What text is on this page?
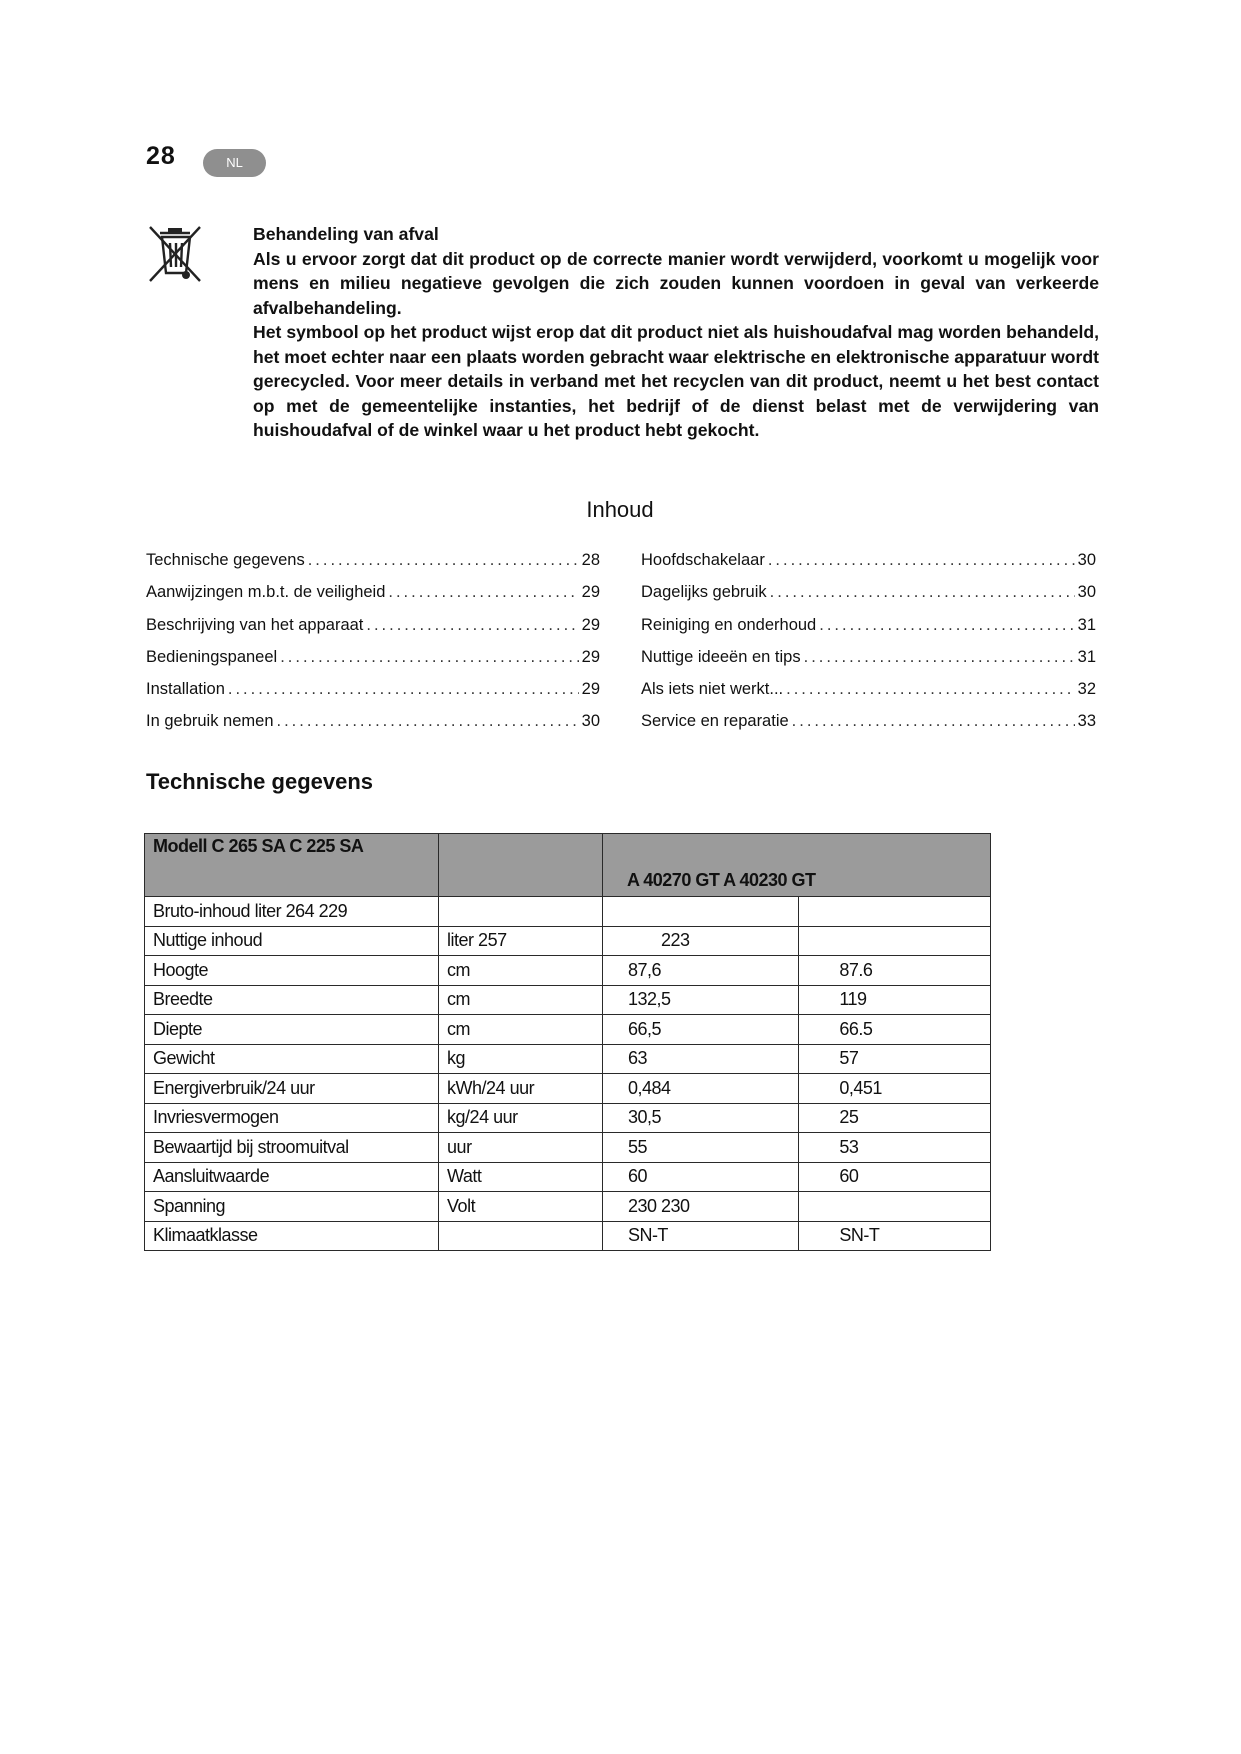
28	NL
Behandeling van afval

Als u ervoor zorgt dat dit product op de correcte manier wordt verwijderd, voorkomt u mogelijk voor mens en milieu negatieve gevolgen die zich zouden kunnen voordoen in geval van verkeerde afvalbehandeling.

Het symbool op het product wijst erop dat dit product niet als huishoudafval mag worden behandeld, het moet echter naar een plaats worden gebracht waar elektrische en elektronische apparatuur wordt gerecycled. Voor meer details in verband met het recyclen van dit product, neemt u het best contact op met de gemeentelijke instanties, het bedrijf of de dienst belast met de verwijdering van huishoudafval of de winkel waar u het product hebt gekocht.

Inhoud
Technische gegevens .....	28
Aanwijzingen m.b.t. de veiligheid .....	29
Beschrijving van het apparaat .....	29
Bedieningspaneel .....	29
Installation .....	29
In gebruik nemen .....	30
Hoofdschakelaar .....	30
Dagelijks gebruik .....	30
Reiniging en onderhoud .....	31
Nuttige ideeën en tips .....	31
Als iets niet werkt... .....	32
Service en reparatie .....	33
Technische gegevens
Modell C 265 SA C 225 SA		A 40270 GT A 40230 GT	
Bruto-inhoud liter 264 229			
Nuttige inhoud	liter 257	223	
Hoogte	cm	87,6	87.6
Breedte	cm	132,5	119
Diepte	cm	66,5	66.5
Gewicht	kg	63	57
Energiverbruik/24 uur	kWh/24 uur	0,484	0,451
Invriesvermogen	kg/24 uur	30,5	25
Bewaartijd bij stroomuitval	uur	55	53
Aansluitwaarde	Watt	60	60
Spanning	Volt	230 230	
Klimaatklasse		SN-T	SN-T
